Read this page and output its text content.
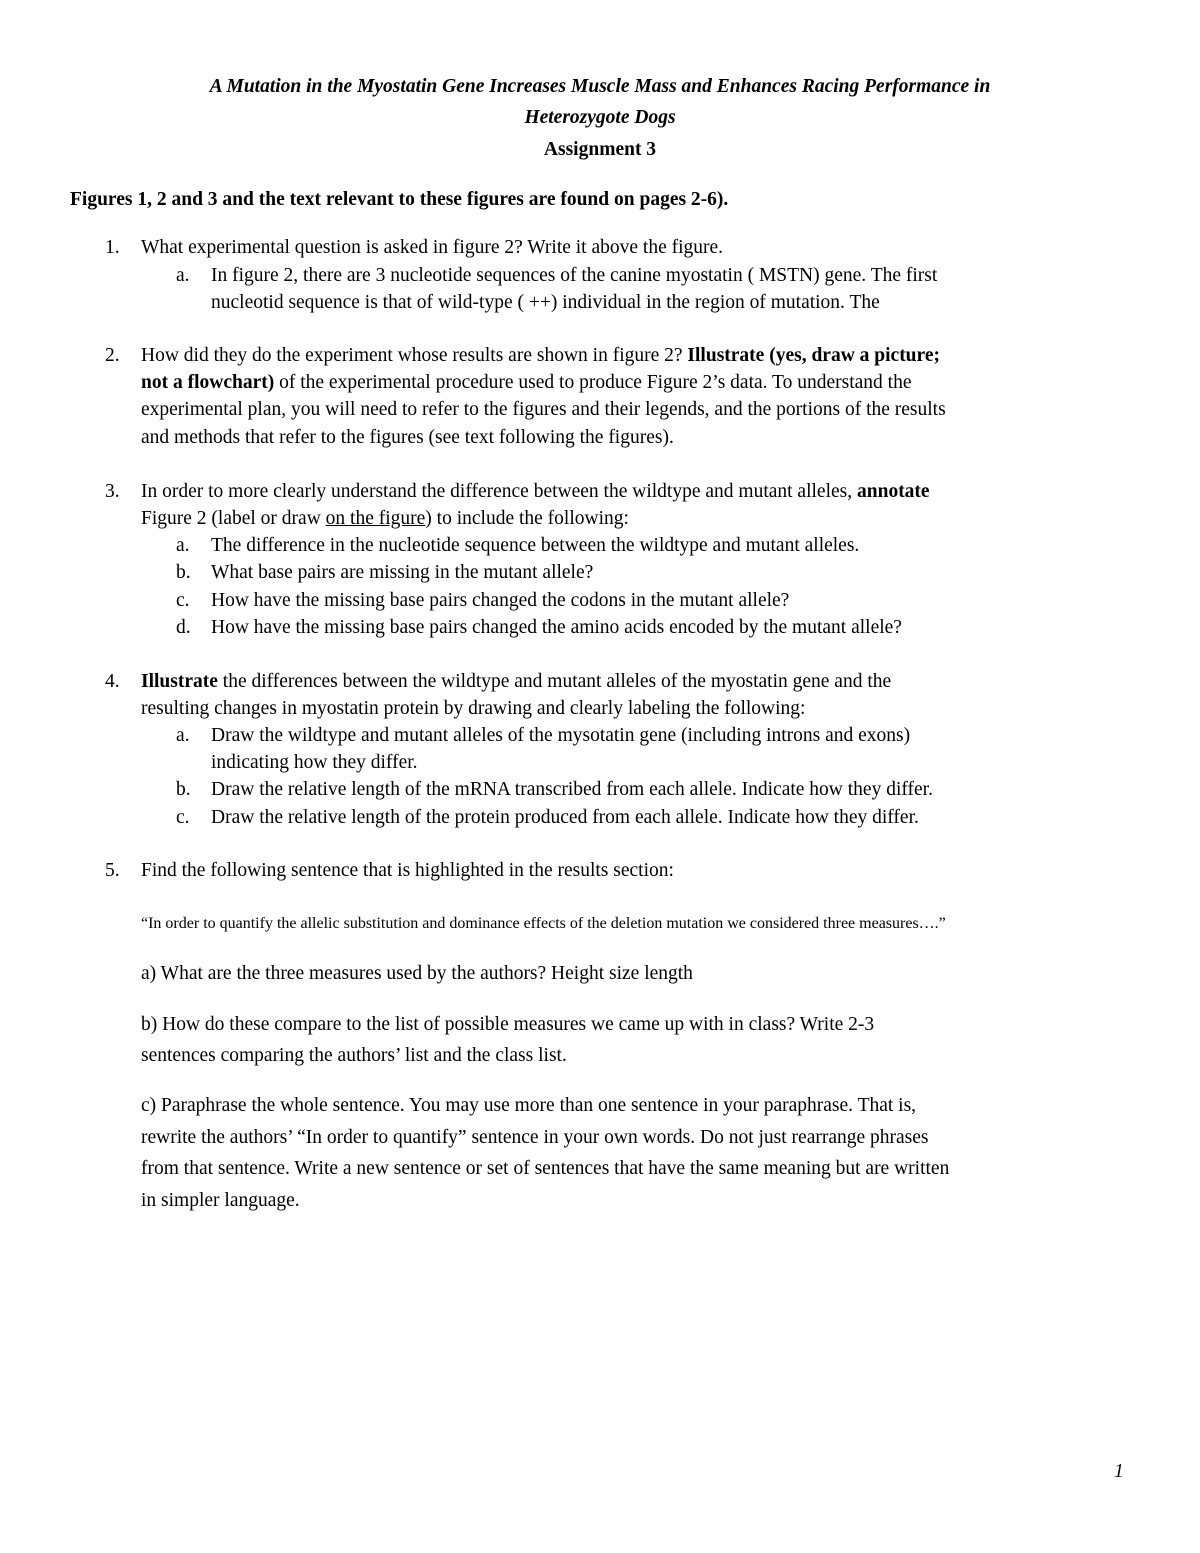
A Mutation in the Myostatin Gene Increases Muscle Mass and Enhances Racing Performance in
Heterozygote Dogs
Assignment 3
Figures 1, 2 and 3 and the text relevant to these figures are found on pages 2-6).
1. What experimental question is asked in figure 2? Write it above the figure.
a. In figure 2, there are 3 nucleotide sequences of the canine myostatin ( MSTN) gene. The first
nucleotid sequence is that of wild-type ( ++) individual in the region of mutation. The
2. How did they do the experiment whose results are shown in figure 2? Illustrate (yes, draw a picture;
not a flowchart) of the experimental procedure used to produce Figure 2’s data. To understand the
experimental plan, you will need to refer to the figures and their legends, and the portions of the results
and methods that refer to the figures (see text following the figures).
3. In order to more clearly understand the difference between the wildtype and mutant alleles, annotate
Figure 2 (label or draw on the figure) to include the following:
a. The difference in the nucleotide sequence between the wildtype and mutant alleles.
b. What base pairs are missing in the mutant allele?
c. How have the missing base pairs changed the codons in the mutant allele?
d. How have the missing base pairs changed the amino acids encoded by the mutant allele?
4. Illustrate the differences between the wildtype and mutant alleles of the myostatin gene and the
resulting changes in myostatin protein by drawing and clearly labeling the following:
a. Draw the wildtype and mutant alleles of the mysotatin gene (including introns and exons)
indicating how they differ.
b. Draw the relative length of the mRNA transcribed from each allele. Indicate how they differ.
c. Draw the relative length of the protein produced from each allele. Indicate how they differ.
5. Find the following sentence that is highlighted in the results section:
“In order to quantify the allelic substitution and dominance effects of the deletion mutation we considered three measures….”
a) What are the three measures used by the authors? Height size length
b) How do these compare to the list of possible measures we came up with in class? Write 2-3
sentences comparing the authors’ list and the class list.
c) Paraphrase the whole sentence. You may use more than one sentence in your paraphrase. That is,
rewrite the authors’ “In order to quantify” sentence in your own words. Do not just rearrange phrases
from that sentence. Write a new sentence or set of sentences that have the same meaning but are written
in simpler language.
1
